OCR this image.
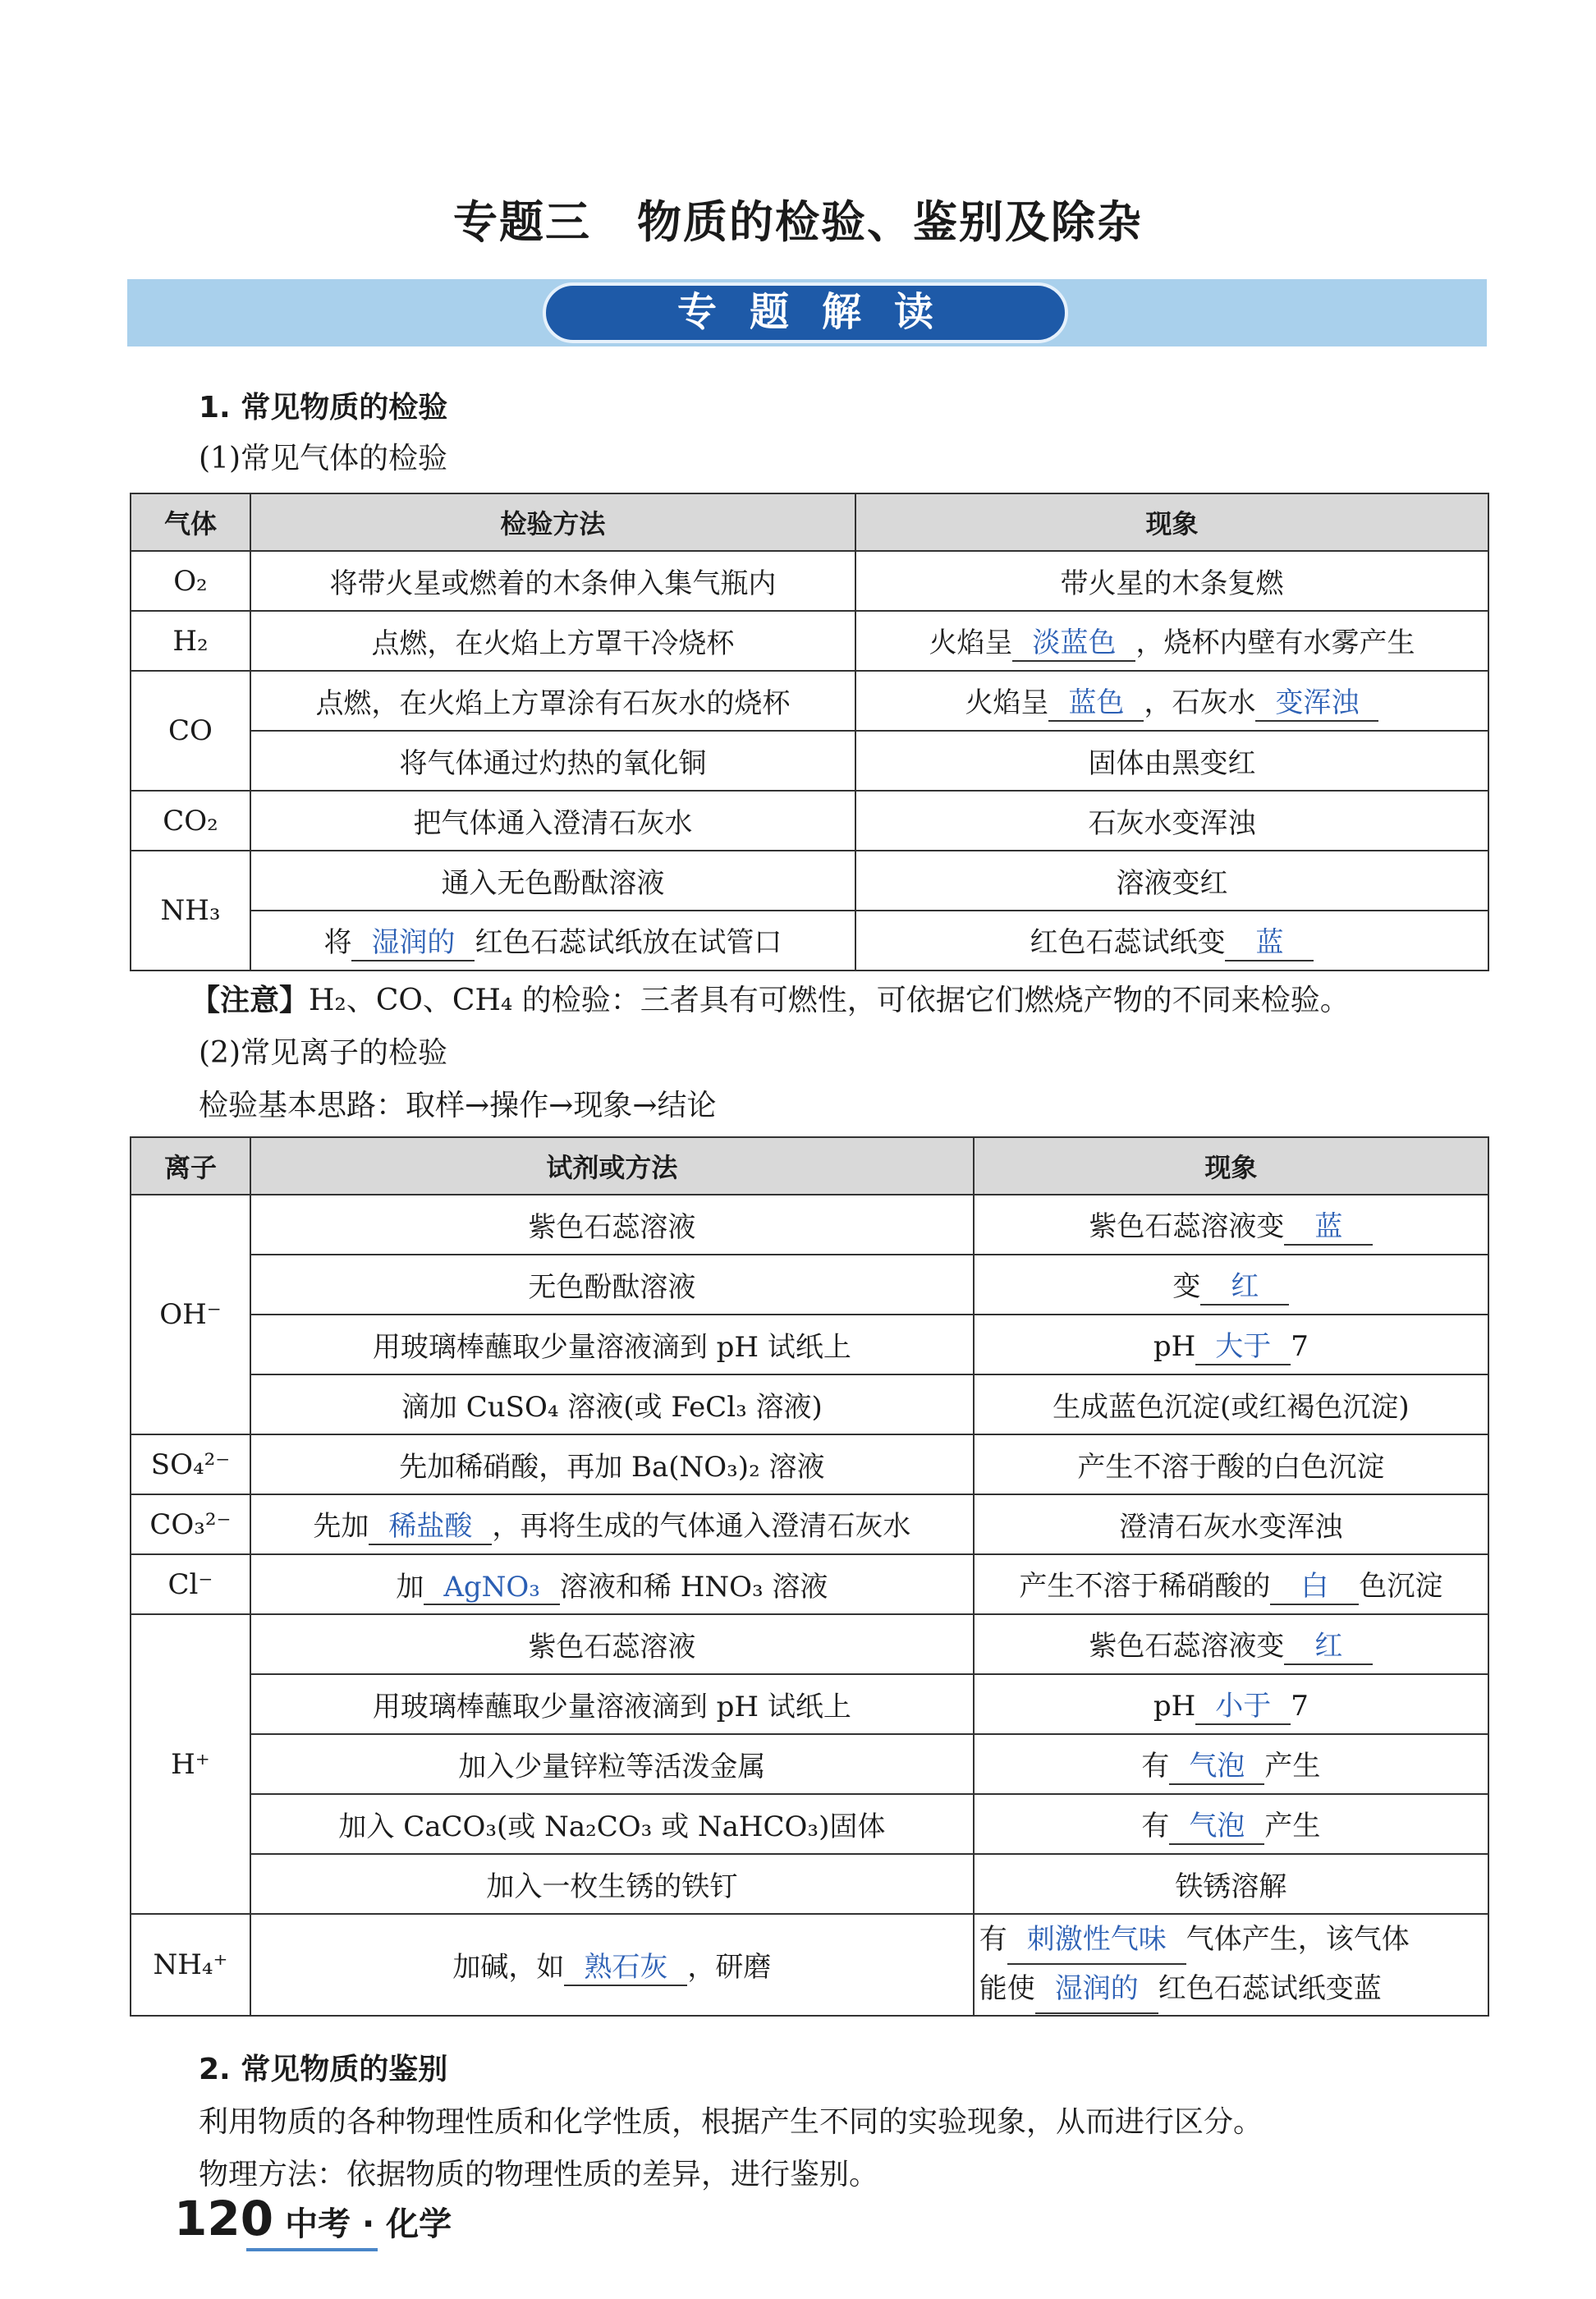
专题三　物质的检验、鉴别及除杂
专题解读
1. 常见物质的检验
(1)常见气体的检验
气体	检验方法	现象
O₂	将带火星或燃着的木条伸入集气瓶内	带火星的木条复燃
H₂	点燃，在火焰上方罩干冷烧杯	火焰呈 淡蓝色 ，烧杯内壁有水雾产生
CO	点燃，在火焰上方罩涂有石灰水的烧杯	火焰呈 蓝色 ，石灰水 变浑浊
	将气体通过灼热的氧化铜	固体由黑变红
CO₂	把气体通入澄清石灰水	石灰水变浑浊
NH₃	通入无色酚酞溶液	溶液变红
	将 湿润的 红色石蕊试纸放在试管口	红色石蕊试纸变 蓝
【注意】H₂、CO、CH₄ 的检验：三者具有可燃性，可依据它们燃烧产物的不同来检验。
(2)常见离子的检验
检验基本思路：取样→操作→现象→结论
离子	试剂或方法	现象
OH⁻	紫色石蕊溶液	紫色石蕊溶液变 蓝
	无色酚酞溶液	变 红
	用玻璃棒蘸取少量溶液滴到 pH 试纸上	pH 大于 7
	滴加 CuSO₄ 溶液(或 FeCl₃ 溶液)	生成蓝色沉淀(或红褐色沉淀)
SO₄²⁻	先加稀硝酸，再加 Ba(NO₃)₂ 溶液	产生不溶于酸的白色沉淀
CO₃²⁻	先加 稀盐酸 ，再将生成的气体通入澄清石灰水	澄清石灰水变浑浊
Cl⁻	加 AgNO₃ 溶液和稀 HNO₃ 溶液	产生不溶于稀硝酸的 白 色沉淀
H⁺	紫色石蕊溶液	紫色石蕊溶液变 红
	用玻璃棒蘸取少量溶液滴到 pH 试纸上	pH 小于 7
	加入少量锌粒等活泼金属	有 气泡 产生
	加入 CaCO₃(或 Na₂CO₃ 或 NaHCO₃)固体	有 气泡 产生
	加入一枚生锈的铁钉	铁锈溶解
NH₄⁺	加碱，如 熟石灰 ，研磨	有 刺激性气味 气体产生，该气体
能使 湿润的 红色石蕊试纸变蓝
2. 常见物质的鉴别
利用物质的各种物理性质和化学性质，根据产生不同的实验现象，从而进行区分。
物理方法：依据物质的物理性质的差异，进行鉴别。
120 中考 · 化学
